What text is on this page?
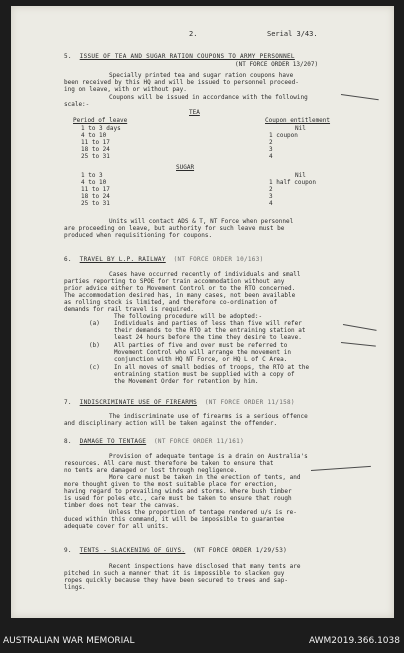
2.	Serial 3/43.
5. ISSUE OF TEA AND SUGAR RATION COUPONS TO ARMY PERSONNEL
(NT FORCE ORDER 13/207)
Specially printed tea and sugar ration coupons have
been received by this HQ and will be issued to personnel proceed-
ing on leave, with or without pay.
Coupons will be issued in accordance with the following
scale:-
TEA
Period of leave	Coupon entitlement
1 to 3 days	Nil
4 to 10	1 coupon
11 to 17	2
18 to 24	3
25 to 31	4
SUGAR
1 to 3	Nil
4 to 10	1 half coupon
11 to 17	2
18 to 24	3
25 to 31	4
Units will contact ADS & T, NT Force when personnel
are proceeding on leave, but authority for such leave must be
produced when requisitioning for coupons.
6. TRAVEL BY L.P. RAILWAY (NT FORCE ORDER 10/163)
Cases have occurred recently of individuals and small
parties reporting to SPOE for train accommodation without any
prior advice either to Movement Control or to the RTO concerned.
The accommodation desired has, in many cases, not been available
as rolling stock is limited, and therefore co-ordination of
demands for rail travel is required.
The following procedure will be adopted:-
(a) Individuals and parties of less than five will refer
their demands to the RTO at the entraining station at
least 24 hours before the time they desire to leave.
(b) All parties of five and over must be referred to
Movement Control who will arrange the movement in
conjunction with HQ NT Force, or HQ L of C Area.
(c) In all moves of small bodies of troops, the RTO at the
entraining station must be supplied with a copy of
the Movement Order for retention by him.
7. INDISCRIMINATE USE OF FIREARMS (NT FORCE ORDER 11/158)
The indiscriminate use of firearms is a serious offence
and disciplinary action will be taken against the offender.
8. DAMAGE TO TENTAGE (NT FORCE ORDER 11/161)
Provision of adequate tentage is a drain on Australia's
resources. All care must therefore be taken to ensure that
no tents are damaged or lost through negligence.
More care must be taken in the erection of tents, and
more thought given to the most suitable place for erection,
having regard to prevailing winds and storms. Where bush timber
is used for poles etc., care must be taken to ensure that rough
timber does not tear the canvas.
Unless the proportion of tentage rendered u/s is re-
duced within this command, it will be impossible to guarantee
adequate cover for all units.
9. TENTS - SLACKENING OF GUYS. (NT FORCE ORDER 1/29/53)
Recent inspections have disclosed that many tents are
pitched in such a manner that it is impossible to slacken guy
ropes quickly because they have been secured to trees and sap-
lings.
AUSTRALIAN WAR MEMORIAL	AWM2019.366.1038
